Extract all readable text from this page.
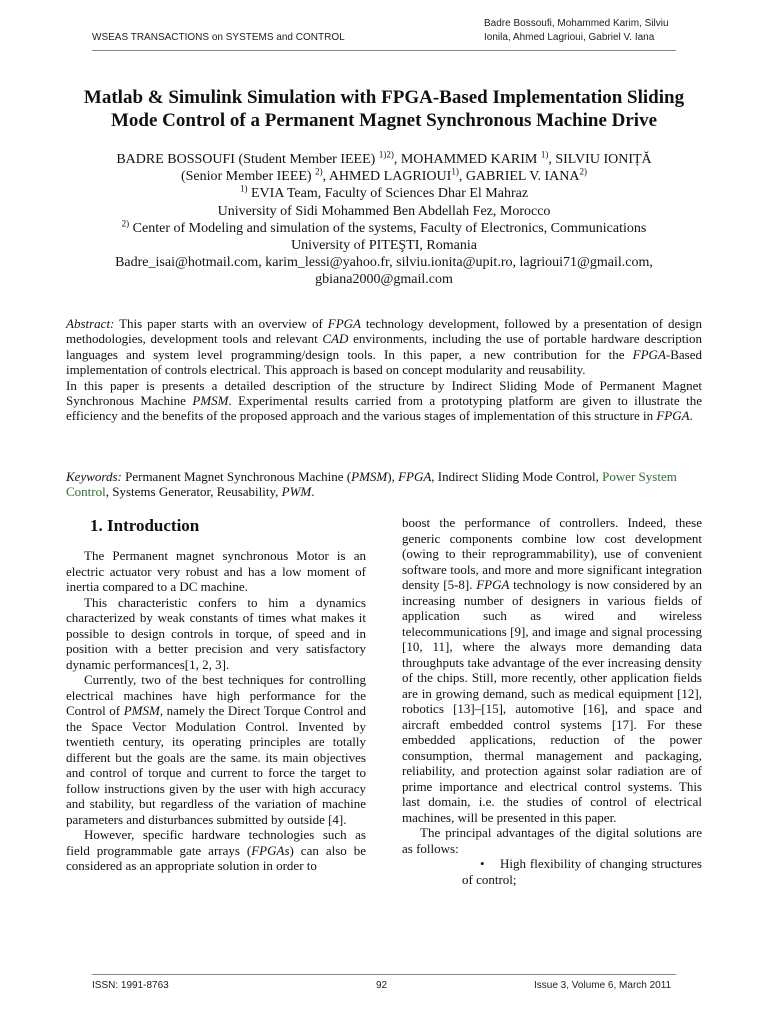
WSEAS TRANSACTIONS on SYSTEMS and CONTROL
Badre Bossoufi, Mohammed Karim, Silviu
Ionila, Ahmed Lagrioui, Gabriel V. Iana
Matlab & Simulink Simulation with FPGA-Based Implementation Sliding Mode Control of a Permanent Magnet Synchronous Machine Drive
BADRE BOSSOUFI (Student Member IEEE) $^{1)2)}$, MOHAMMED KARIM $^{1)}$, SILVIU IONIȚĂ
(Senior Member IEEE) $^{2)}$, AHMED LAGRIOUI$^{1)}$, GABRIEL V. IANA$^{2)}$
$^{1)}$ EVIA Team, Faculty of Sciences Dhar El Mahraz
University of Sidi Mohammed Ben Abdellah Fez, Morocco
$^{2)}$ Center of Modeling and simulation of the systems, Faculty of Electronics, Communications
University of PITEŞTI, Romania
Badre_isai@hotmail.com, karim_lessi@yahoo.fr, silviu.ionita@upit.ro, lagrioui71@gmail.com,
gbiana2000@gmail.com

Abstract: This paper starts with an overview of FPGA technology development, followed by a presentation of design methodologies, development tools and relevant CAD environments, including the use of portable hardware description languages and system level programming/design tools. In this paper, a new contribution for the FPGA-Based implementation of controls electrical. This approach is based on concept modularity and reusability.

In this paper is presents a detailed description of the structure by Indirect Sliding Mode of Permanent Magnet Synchronous Machine PMSM. Experimental results carried from a prototyping platform are given to illustrate the efficiency and the benefits of the proposed approach and the various stages of implementation of this structure in FPGA.

Keywords: Permanent Magnet Synchronous Machine (PMSM), FPGA, Indirect Sliding Mode Control, Power System Control, Systems Generator, Reusability, PWM.
1. Introduction

The Permanent magnet synchronous Motor is an electric actuator very robust and has a low moment of inertia compared to a DC machine.

This characteristic confers to him a dynamics characterized by weak constants of times what makes it possible to design controls in torque, of speed and in position with a better precision and very satisfactory dynamic performances[1, 2, 3].

Currently, two of the best techniques for controlling electrical machines have high performance for the Control of PMSM, namely the Direct Torque Control and the Space Vector Modulation Control. Invented by twentieth century, its operating principles are totally different but the goals are the same. its main objectives and control of torque and current to force the target to follow instructions given by the user with high accuracy and stability, but regardless of the variation of machine parameters and disturbances submitted by outside [4].

However, specific hardware technologies such as field programmable gate arrays (FPGAs) can also be considered as an appropriate solution in order to

boost the performance of controllers. Indeed, these generic components combine low cost development (owing to their reprogrammability), use of convenient software tools, and more and more significant integration density [5-8]. FPGA technology is now considered by an increasing number of designers in various fields of application such as wired and wireless telecommunications [9], and image and signal processing [10, 11], where the always more demanding data throughputs take advantage of the ever increasing density of the chips. Still, more recently, other application fields are in growing demand, such as medical equipment [12], robotics [13]–[15], automotive [16], and space and aircraft embedded control systems [17]. For these embedded applications, reduction of the power consumption, thermal management and packaging, reliability, and protection against solar radiation are of prime importance and electrical control systems. This last domain, i.e. the studies of control of electrical machines, will be presented in this paper.

The principal advantages of the digital solutions are as follows:

• High flexibility of changing structures of control;

ISSN: 1991-8763	92	Issue 3, Volume 6, March 2011
